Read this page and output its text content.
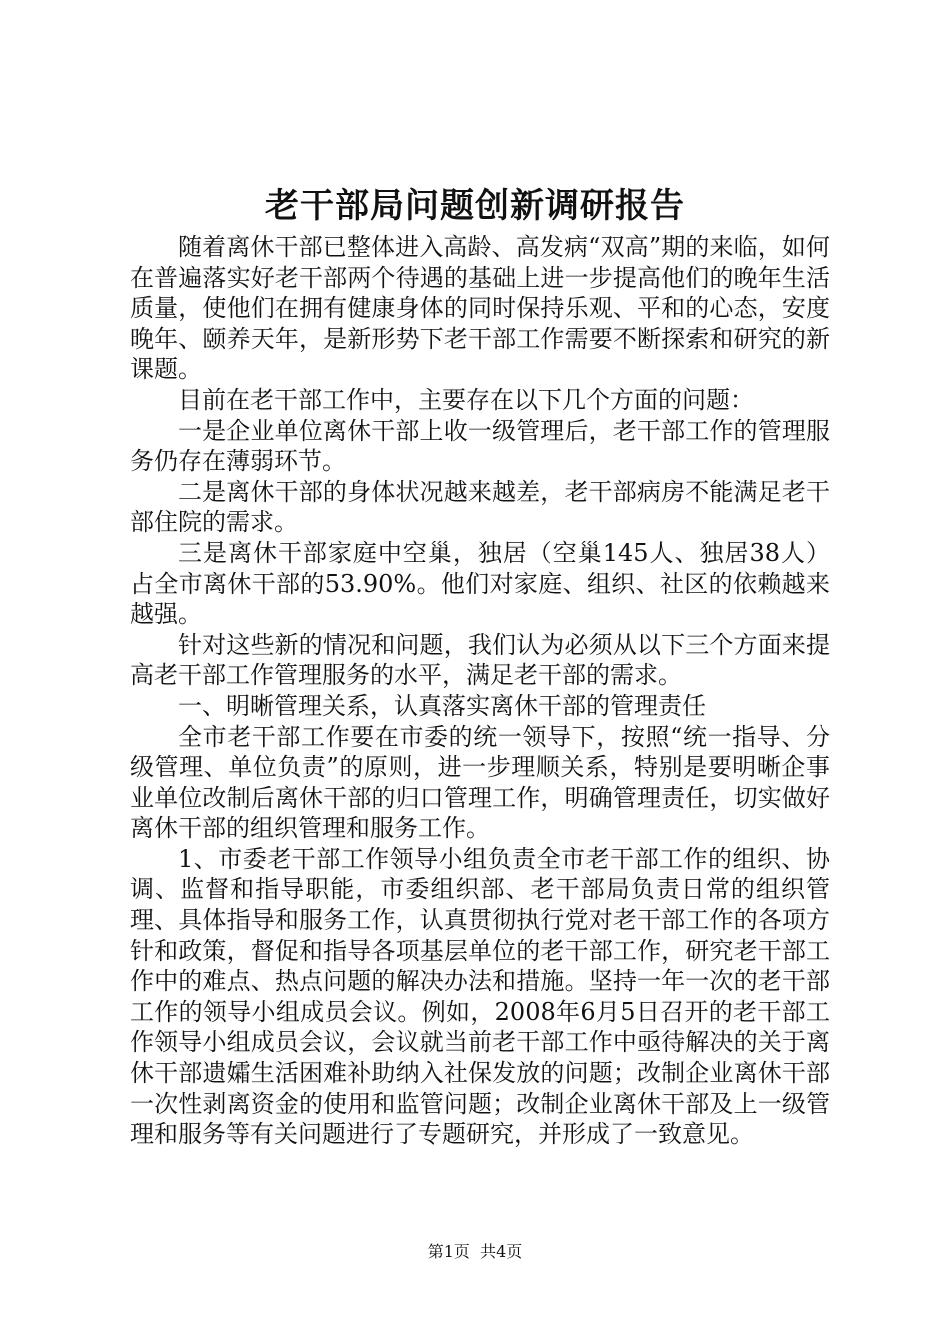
老干部局问题创新调研报告

随着离休干部已整体进入高龄、高发病“双高”期的来临，如何在普遍落实好老干部两个待遇的基础上进一步提高他们的晚年生活质量，使他们在拥有健康身体的同时保持乐观、平和的心态，安度晚年、颐养天年，是新形势下老干部工作需要不断探索和研究的新课题。

目前在老干部工作中，主要存在以下几个方面的问题：

一是企业单位离休干部上收一级管理后，老干部工作的管理服务仍存在薄弱环节。

二是离休干部的身体状况越来越差，老干部病房不能满足老干部住院的需求。

三是离休干部家庭中空巢，独居（空巢145人、独居38人）占全市离休干部的53.90%。他们对家庭、组织、社区的依赖越来越强。

针对这些新的情况和问题，我们认为必须从以下三个方面来提高老干部工作管理服务的水平，满足老干部的需求。

一、明晰管理关系，认真落实离休干部的管理责任

全市老干部工作要在市委的统一领导下，按照“统一指导、分级管理、单位负责”的原则，进一步理顺关系，特别是要明晰企事业单位改制后离休干部的归口管理工作，明确管理责任，切实做好离休干部的组织管理和服务工作。

1、市委老干部工作领导小组负责全市老干部工作的组织、协调、监督和指导职能，市委组织部、老干部局负责日常的组织管理、具体指导和服务工作，认真贯彻执行党对老干部工作的各项方针和政策，督促和指导各项基层单位的老干部工作，研究老干部工作中的难点、热点问题的解决办法和措施。坚持一年一次的老干部工作的领导小组成员会议。例如，2008年6月5日召开的老干部工作领导小组成员会议，会议就当前老干部工作中亟待解决的关于离休干部遗孀生活困难补助纳入社保发放的问题；改制企业离休干部一次性剥离资金的使用和监管问题；改制企业离休干部及上一级管理和服务等有关问题进行了专题研究，并形成了一致意见。

第1页  共4页
